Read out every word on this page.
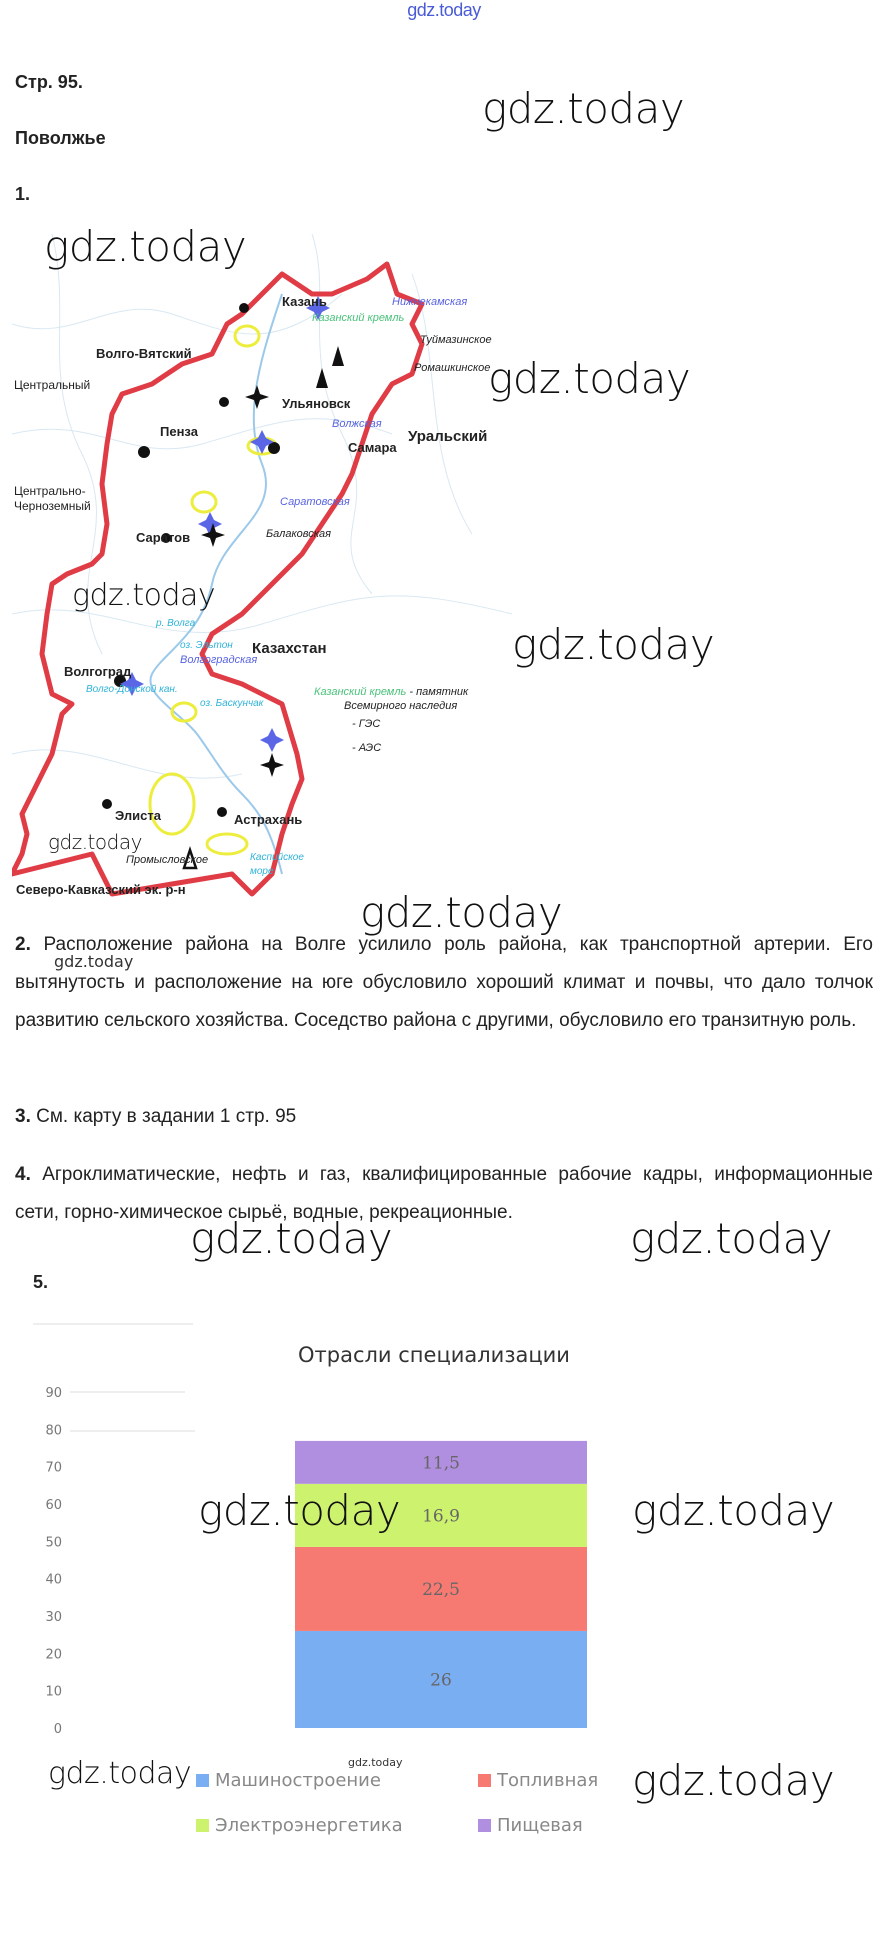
gdz.today
Стр. 95.
Поволжье
1.
gdz.today
Волго-Вятский
Центральный
Центрально-
Черноземный
Уральский
Казахстан
Северо-Кавказский эк. р-н
Казань
Ульяновск
Пенза
Самара
Саратов
Волгоград
Элиста	Астрахань
Нижнекамская
Казанский кремль
Туймазинское
Ромашкинское
Волжская
Саратовская
Балаковская
р. Волга
оз. Эльтон
Волгоградская
Волго-Донской кан.
оз. Баскунчак
Промысловское	Каспийское
море
Казанский кремль - памятник
Всемирного наследия
- ГЭС
- АЭС
gdz.today
gdz.today
gdz.today
gdz.today
gdz.today
gdz.today
gdz.today
2. Расположение района на Волге усилило роль района, как транспортной артерии. Его вытянутость и расположение на юге обусловило хороший климат и почвы, что дало толчок развитию сельского хозяйства. Соседство района с другими, обусловило его транзитную роль.
3. См. карту в задании 1 стр. 95
4. Агроклиматические, нефть и газ, квалифицированные рабочие кадры, информационные сети, горно-химическое сырьё, водные, рекреационные.
gdz.today	gdz.today
5.
Отрасли специализации
0
10
20
30
40
50
60
70
80
90
26
22,5
16,9
11,5
Машиностроение	Топливная
Электроэнергетика	Пищевая
gdz.today	gdz.today
gdz.today	gdz.today
gdz.today
